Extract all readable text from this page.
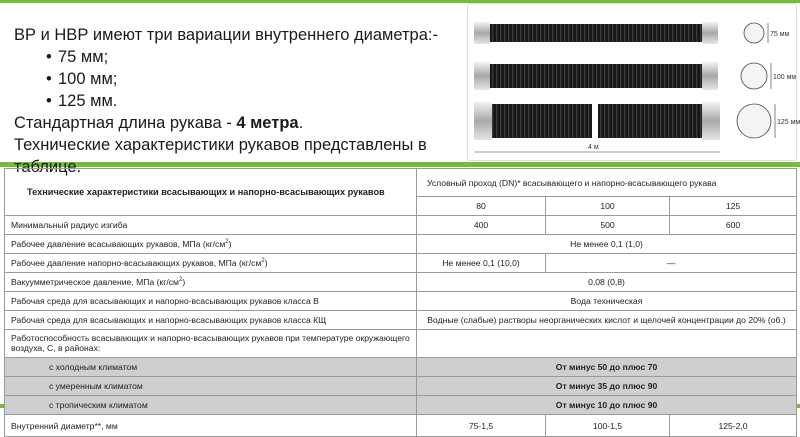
ВР и НВР имеют три вариации внутреннего диаметра:-
• 75 мм;
• 100 мм;
• 125 мм.
Стандартная длина рукава - 4 метра.
Технические характеристики рукавов представлены в таблице.
75 мм
100 мм
125 мм
4 м
Технические характеристики всасывающих и напорно-всасывающих рукавов	Условный проход (DN)* всасывающего и напорно-всасывающего рукава		
	80	100	125
Минимальный радиус изгиба	400	500	600
Рабочее давление всасывающих рукавов, МПа $(кг/см^2)$	Не менее 0,1 (1,0)		
Рабочее давление напорно-всасывающих рукавов, МПа $(кг/см^2)$	Не менее 0,1 (10,0)	—	
Вакуумметрическое давление, МПа $(кг/см^2)$	0,08 (0,8)		
Рабочая среда для всасывающих и напорно-всасывающих рукавов класса В	Вода техническая		
Рабочая среда для всасывающих и напорно-всасывающих рукавов класса КЩ	Водные (слабые) растворы неорганических кислот и щелочей концентрации до 20% (об.)		
Работоспособность всасывающих и напорно-всасывающих рукавов при температуре окружающего воздуха, С, в районах:			
с холодным климатом	От минус 50 до плюс 70		
с умеренным климатом	От минус 35 до плюс 90		
с тропическим климатом	От минус 10 до плюс 90		
Внутренний диаметр**, мм	75-1,5	100-1,5	125-2,0
